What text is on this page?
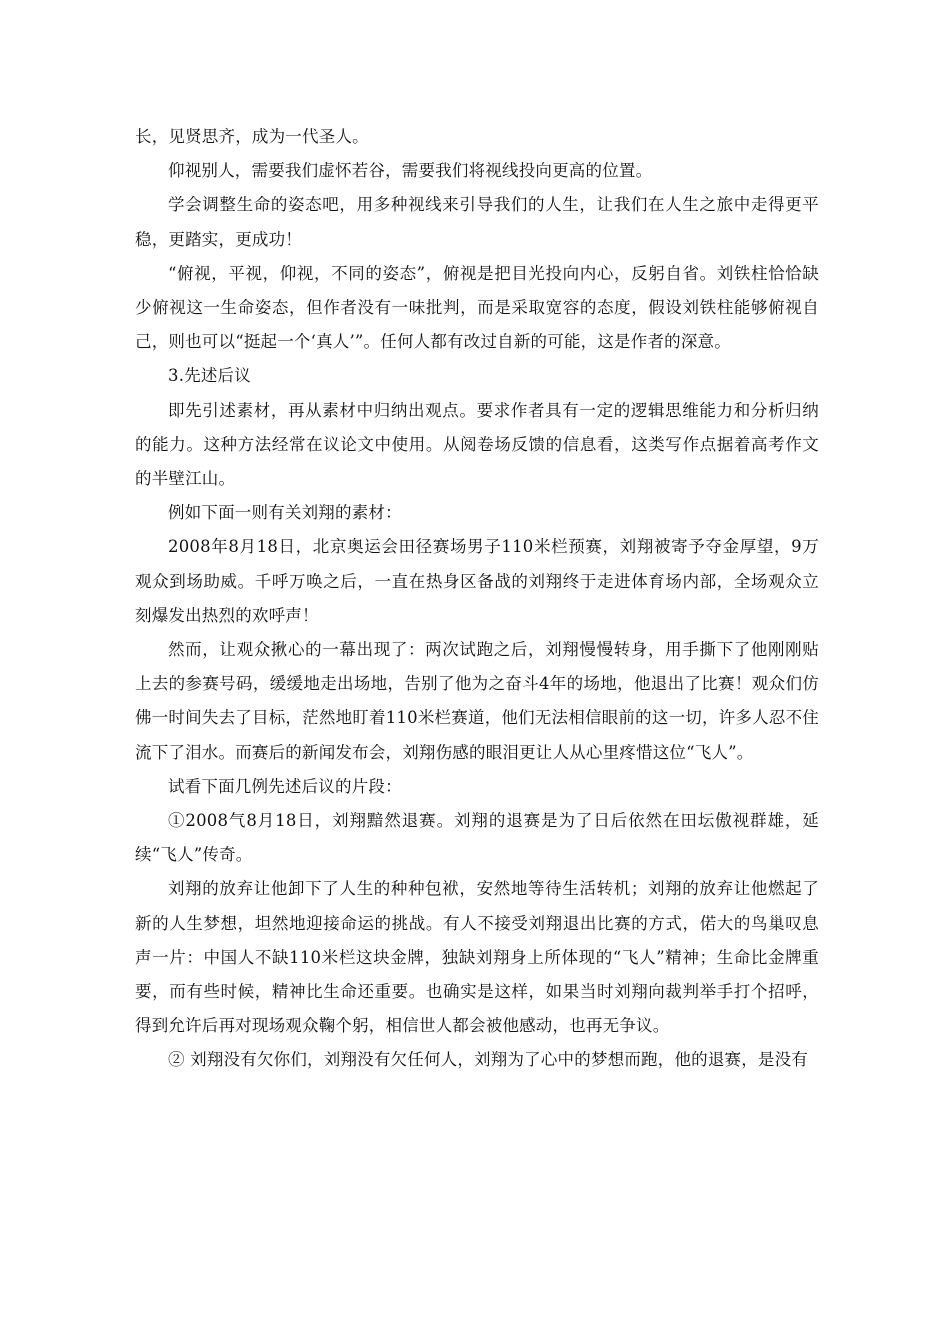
长，见贤思齐，成为一代圣人。

仰视别人，需要我们虚怀若谷，需要我们将视线投向更高的位置。

学会调整生命的姿态吧，用多种视线来引导我们的人生，让我们在人生之旅中走得更平稳，更踏实，更成功！

“俯视，平视，仰视，不同的姿态”，俯视是把目光投向内心，反躬自省。刘铁柱恰恰缺少俯视这一生命姿态，但作者没有一味批判，而是采取宽容的态度，假设刘铁柱能够俯视自己，则也可以“挺起一个‘真人’”。任何人都有改过自新的可能，这是作者的深意。

3.先述后议

即先引述素材，再从素材中归纳出观点。要求作者具有一定的逻辑思维能力和分析归纳的能力。这种方法经常在议论文中使用。从阅卷场反馈的信息看，这类写作点据着高考作文的半壁江山。

例如下面一则有关刘翔的素材：

2008年8月18日，北京奥运会田径赛场男子110米栏预赛，刘翔被寄予夺金厚望，9万观众到场助威。千呼万唤之后，一直在热身区备战的刘翔终于走进体育场内部，全场观众立刻爆发出热烈的欢呼声！

然而，让观众揪心的一幕出现了：两次试跑之后，刘翔慢慢转身，用手撕下了他刚刚贴上去的参赛号码，缓缓地走出场地，告别了他为之奋斗4年的场地，他退出了比赛！观众们仿佛一时间失去了目标，茫然地盯着110米栏赛道，他们无法相信眼前的这一切，许多人忍不住流下了泪水。而赛后的新闻发布会，刘翔伤感的眼泪更让人从心里疼惜这位“飞人”。

试看下面几例先述后议的片段：

①2008气8月18日，刘翔黯然退赛。刘翔的退赛是为了日后依然在田坛傲视群雄，延续“飞人”传奇。

刘翔的放弃让他卸下了人生的种种包袱，安然地等待生活转机；刘翔的放弃让他燃起了新的人生梦想，坦然地迎接命运的挑战。有人不接受刘翔退出比赛的方式，偌大的鸟巢叹息声一片：中国人不缺110米栏这块金牌，独缺刘翔身上所体现的“飞人”精神；生命比金牌重要，而有些时候，精神比生命还重要。也确实是这样，如果当时刘翔向裁判举手打个招呼，得到允许后再对现场观众鞠个躬，相信世人都会被他感动，也再无争议。

② 刘翔没有欠你们，刘翔没有欠任何人，刘翔为了心中的梦想而跑，他的退赛，是没有
